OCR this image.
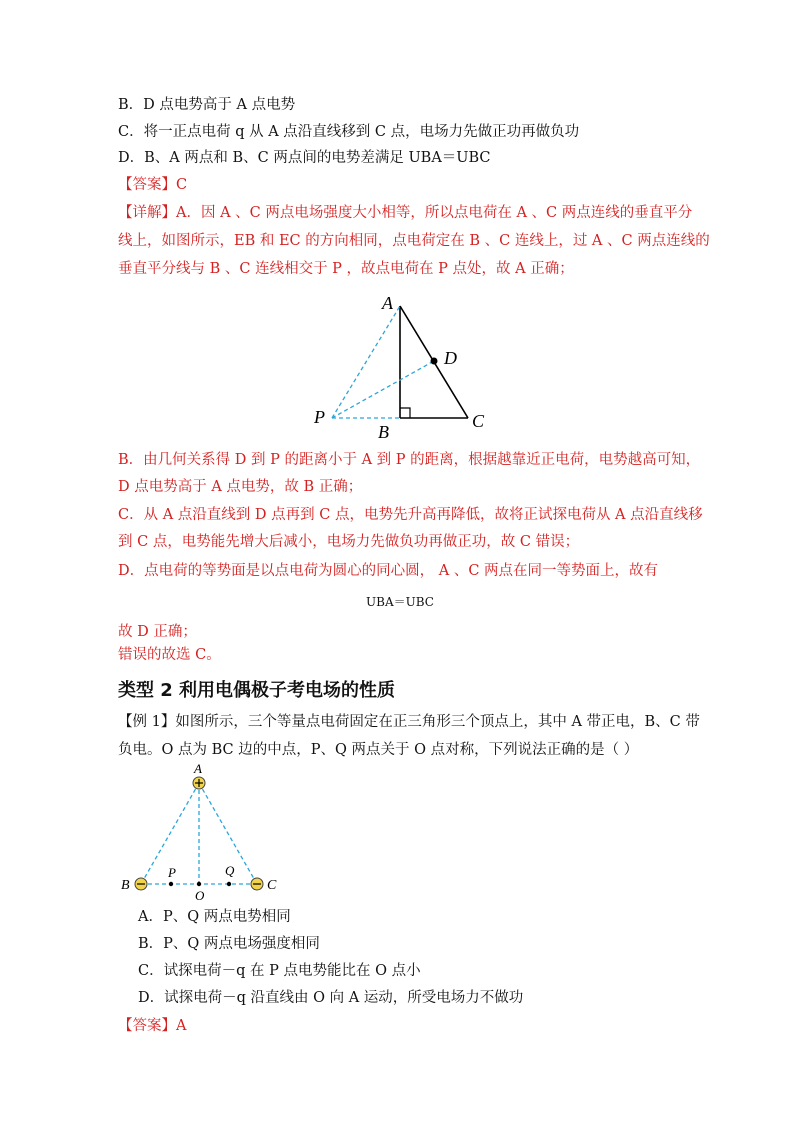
B．D 点电势高于 A 点电势
C．将一正点电荷 q 从 A 点沿直线移到 C 点，电场力先做正功再做负功
D．B、A 两点和 B、C 两点间的电势差满足 UBA＝UBC
【答案】C
【详解】A．因 A 、C 两点电场强度大小相等，所以点电荷在 A 、C 两点连线的垂直平分
线上，如图所示，EB 和 EC 的方向相同，点电荷定在 B 、C 连线上，过 A 、C 两点连线的
垂直平分线与 B 、C 连线相交于 P ，故点电荷在 P 点处，故 A 正确；
A
D
P
B
C
B．由几何关系得 D 到 P 的距离小于 A 到 P 的距离，根据越靠近正电荷，电势越高可知，
D 点电势高于 A 点电势，故 B 正确；
C．从 A 点沿直线到 D 点再到 C 点，电势先升高再降低，故将正试探电荷从 A 点沿直线移
到 C 点，电势能先增大后减小，电场力先做负功再做正功，故 C 错误；
D．点电荷的等势面是以点电荷为圆心的同心圆， A 、C 两点在同一等势面上，故有
UBA＝UBC
故 D 正确；
错误的故选 C。
类型 2 利用电偶极子考电场的性质
【例 1】如图所示，三个等量点电荷固定在正三角形三个顶点上，其中 A 带正电，B、C 带
负电。O 点为 BC 边的中点，P、Q 两点关于 O 点对称，下列说法正确的是（ ）
A
B	C
P	Q
O
A．P、Q 两点电势相同
B．P、Q 两点电场强度相同
C．试探电荷－q 在 P 点电势能比在 O 点小
D．试探电荷－q 沿直线由 O 向 A 运动，所受电场力不做功
【答案】A
